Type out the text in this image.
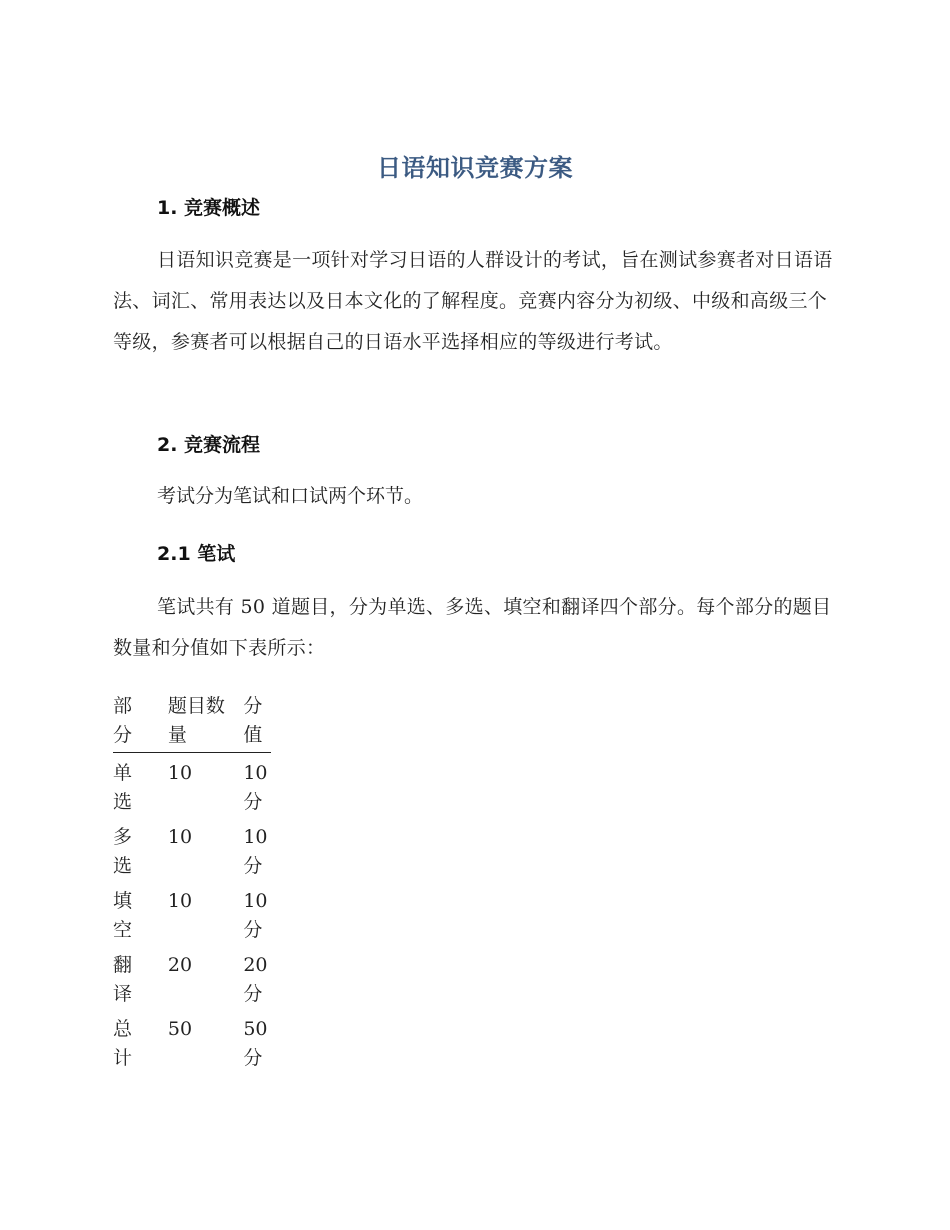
日语知识竞赛方案
1. 竞赛概述
日语知识竞赛是一项针对学习日语的人群设计的考试，旨在测试参赛者对日语语法、词汇、常用表达以及日本文化的了解程度。竞赛内容分为初级、中级和高级三个等级，参赛者可以根据自己的日语水平选择相应的等级进行考试。
2. 竞赛流程
考试分为笔试和口试两个环节。
2.1 笔试
笔试共有 50 道题目，分为单选、多选、填空和翻译四个部分。每个部分的题目数量和分值如下表所示：
部分	题目数量	分值
单选	10	10分
多选	10	10分
填空	10	10分
翻译	20	20分
总计	50	50分
